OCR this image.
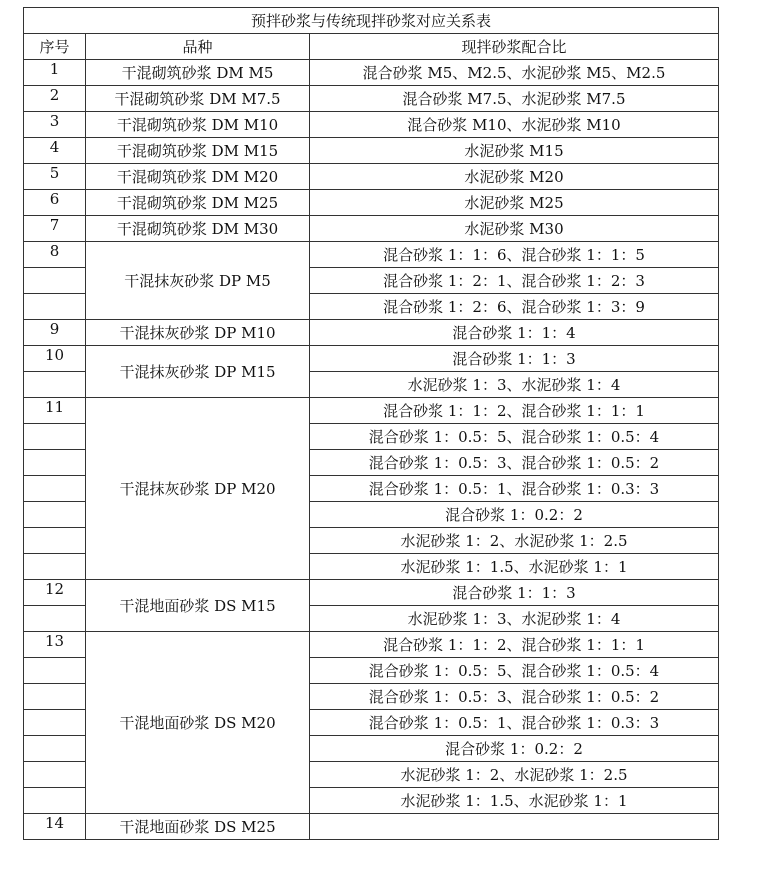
预拌砂浆与传统现拌砂浆对应关系表		
序号	品种	现拌砂浆配合比
1	干混砌筑砂浆 DM M5	混合砂浆 M5、M2.5、水泥砂浆 M5、M2.5
2	干混砌筑砂浆 DM M7.5	混合砂浆 M7.5、水泥砂浆 M7.5
3	干混砌筑砂浆 DM M10	混合砂浆 M10、水泥砂浆 M10
4	干混砌筑砂浆 DM M15	水泥砂浆 M15
5	干混砌筑砂浆 DM M20	水泥砂浆 M20
6	干混砌筑砂浆 DM M25	水泥砂浆 M25
7	干混砌筑砂浆 DM M30	水泥砂浆 M30
8	干混抹灰砂浆 DP M5	混合砂浆 1：1：6、混合砂浆 1：1：5
		混合砂浆 1：2：1、混合砂浆 1：2：3
		混合砂浆 1：2：6、混合砂浆 1：3：9
9	干混抹灰砂浆 DP M10	混合砂浆 1：1：4
10	干混抹灰砂浆 DP M15	混合砂浆 1：1：3
		水泥砂浆 1：3、水泥砂浆 1：4
11	干混抹灰砂浆 DP M20	混合砂浆 1：1：2、混合砂浆 1：1：1
		混合砂浆 1：0.5：5、混合砂浆 1：0.5：4
		混合砂浆 1：0.5：3、混合砂浆 1：0.5：2
		混合砂浆 1：0.5：1、混合砂浆 1：0.3：3
		混合砂浆 1：0.2：2
		水泥砂浆 1：2、水泥砂浆 1：2.5
		水泥砂浆 1：1.5、水泥砂浆 1：1
12	干混地面砂浆 DS M15	混合砂浆 1：1：3
		水泥砂浆 1：3、水泥砂浆 1：4
13	干混地面砂浆 DS M20	混合砂浆 1：1：2、混合砂浆 1：1：1
		混合砂浆 1：0.5：5、混合砂浆 1：0.5：4
		混合砂浆 1：0.5：3、混合砂浆 1：0.5：2
		混合砂浆 1：0.5：1、混合砂浆 1：0.3：3
		混合砂浆 1：0.2：2
		水泥砂浆 1：2、水泥砂浆 1：2.5
		水泥砂浆 1：1.5、水泥砂浆 1：1
14	干混地面砂浆 DS M25	
